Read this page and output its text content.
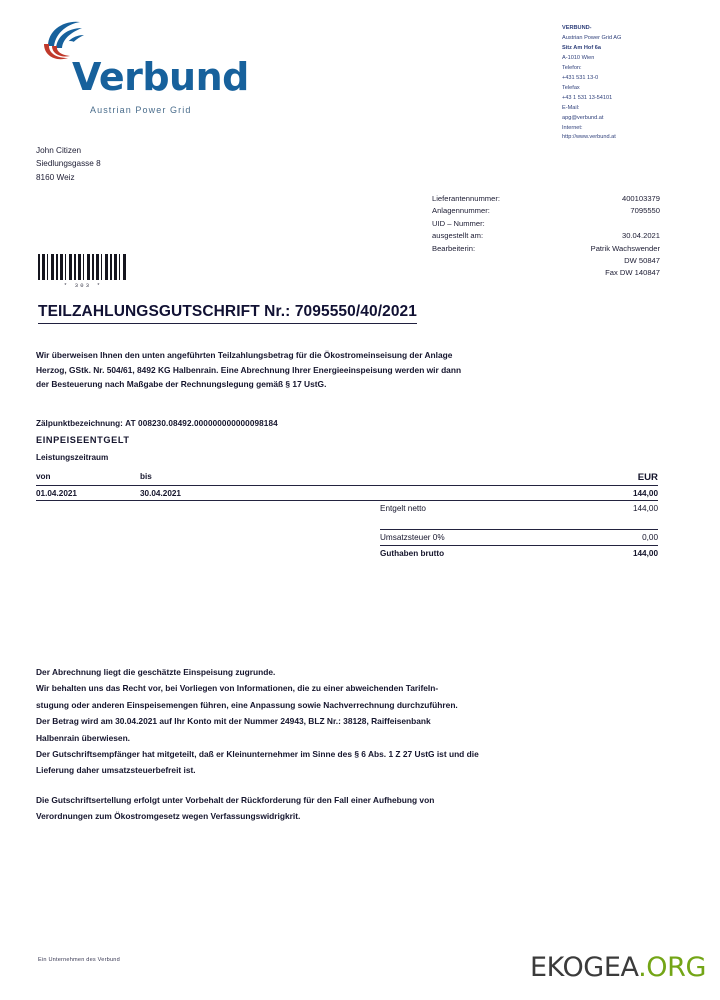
Verbund
Austrian Power Grid
VERBUND-
Austrian Power Grid AG
Sitz Am Hof 6a
A-1010 Wien
Telefon:
+431 531 13-0
Telefax
+43 1 531 13-54101
E-Mail:
apg@verbund.at
Internet:
http://www.verbund.at
John Citizen
Siedlungsgasse 8
8160 Weiz
Lieferantennummer:	400103379
Anlagennummer:	7095550
UID – Nummer:
ausgestellt am:	30.04.2021
Bearbeiterin:	Patrik Wachswender
DW 50847
Fax DW 140847
* 303 *
TEILZAHLUNGSGUTSCHRIFT Nr.: 7095550/40/2021

Wir überweisen Ihnen den unten angeführten Teilzahlungsbetrag für die Ökostromeinseisung der Anlage

Herzog, GStk. Nr. 504/61, 8492 KG Halbenrain. Eine Abrechnung Ihrer Energieeinspeisung werden wir dann

der Besteuerung nach Maßgabe der Rechnungslegung gemäß § 17 UstG.

Zälpunktbezeichnung: AT 008230.08492.000000000000098184
EINPEISEENTGELT
Leistungszeitraum
von	bis	EUR
01.04.2021	30.04.2021	144,00
Entgelt netto	144,00
Umsatzsteuer 0%	0,00
Guthaben brutto	144,00

Der Abrechnung liegt die geschätzte Einspeisung zugrunde.

Wir behalten uns das Recht vor, bei Vorliegen von Informationen, die zu einer abweichenden Tarifeln-

stugung oder anderen Einspeisemengen führen, eine Anpassung sowie Nachverrechnung durchzuführen.

Der Betrag wird am 30.04.2021 auf Ihr Konto mit der Nummer 24943, BLZ Nr.: 38128, Raiffeisenbank

Halbenrain überwiesen.

Der Gutschriftsempfänger hat mitgeteilt, daß er Kleinunternehmer im Sinne des § 6 Abs. 1 Z 27 UstG ist und die

Lieferung daher umsatzsteuerbefreit ist.

Die Gutschriftsertellung erfolgt unter Vorbehalt der Rückforderung für den Fall einer Aufhebung von

Verordnungen zum Ökostromgesetz wegen Verfassungswidrigkrit.

Ein Unternehmen des Verbund	EKOGEA.ORG
